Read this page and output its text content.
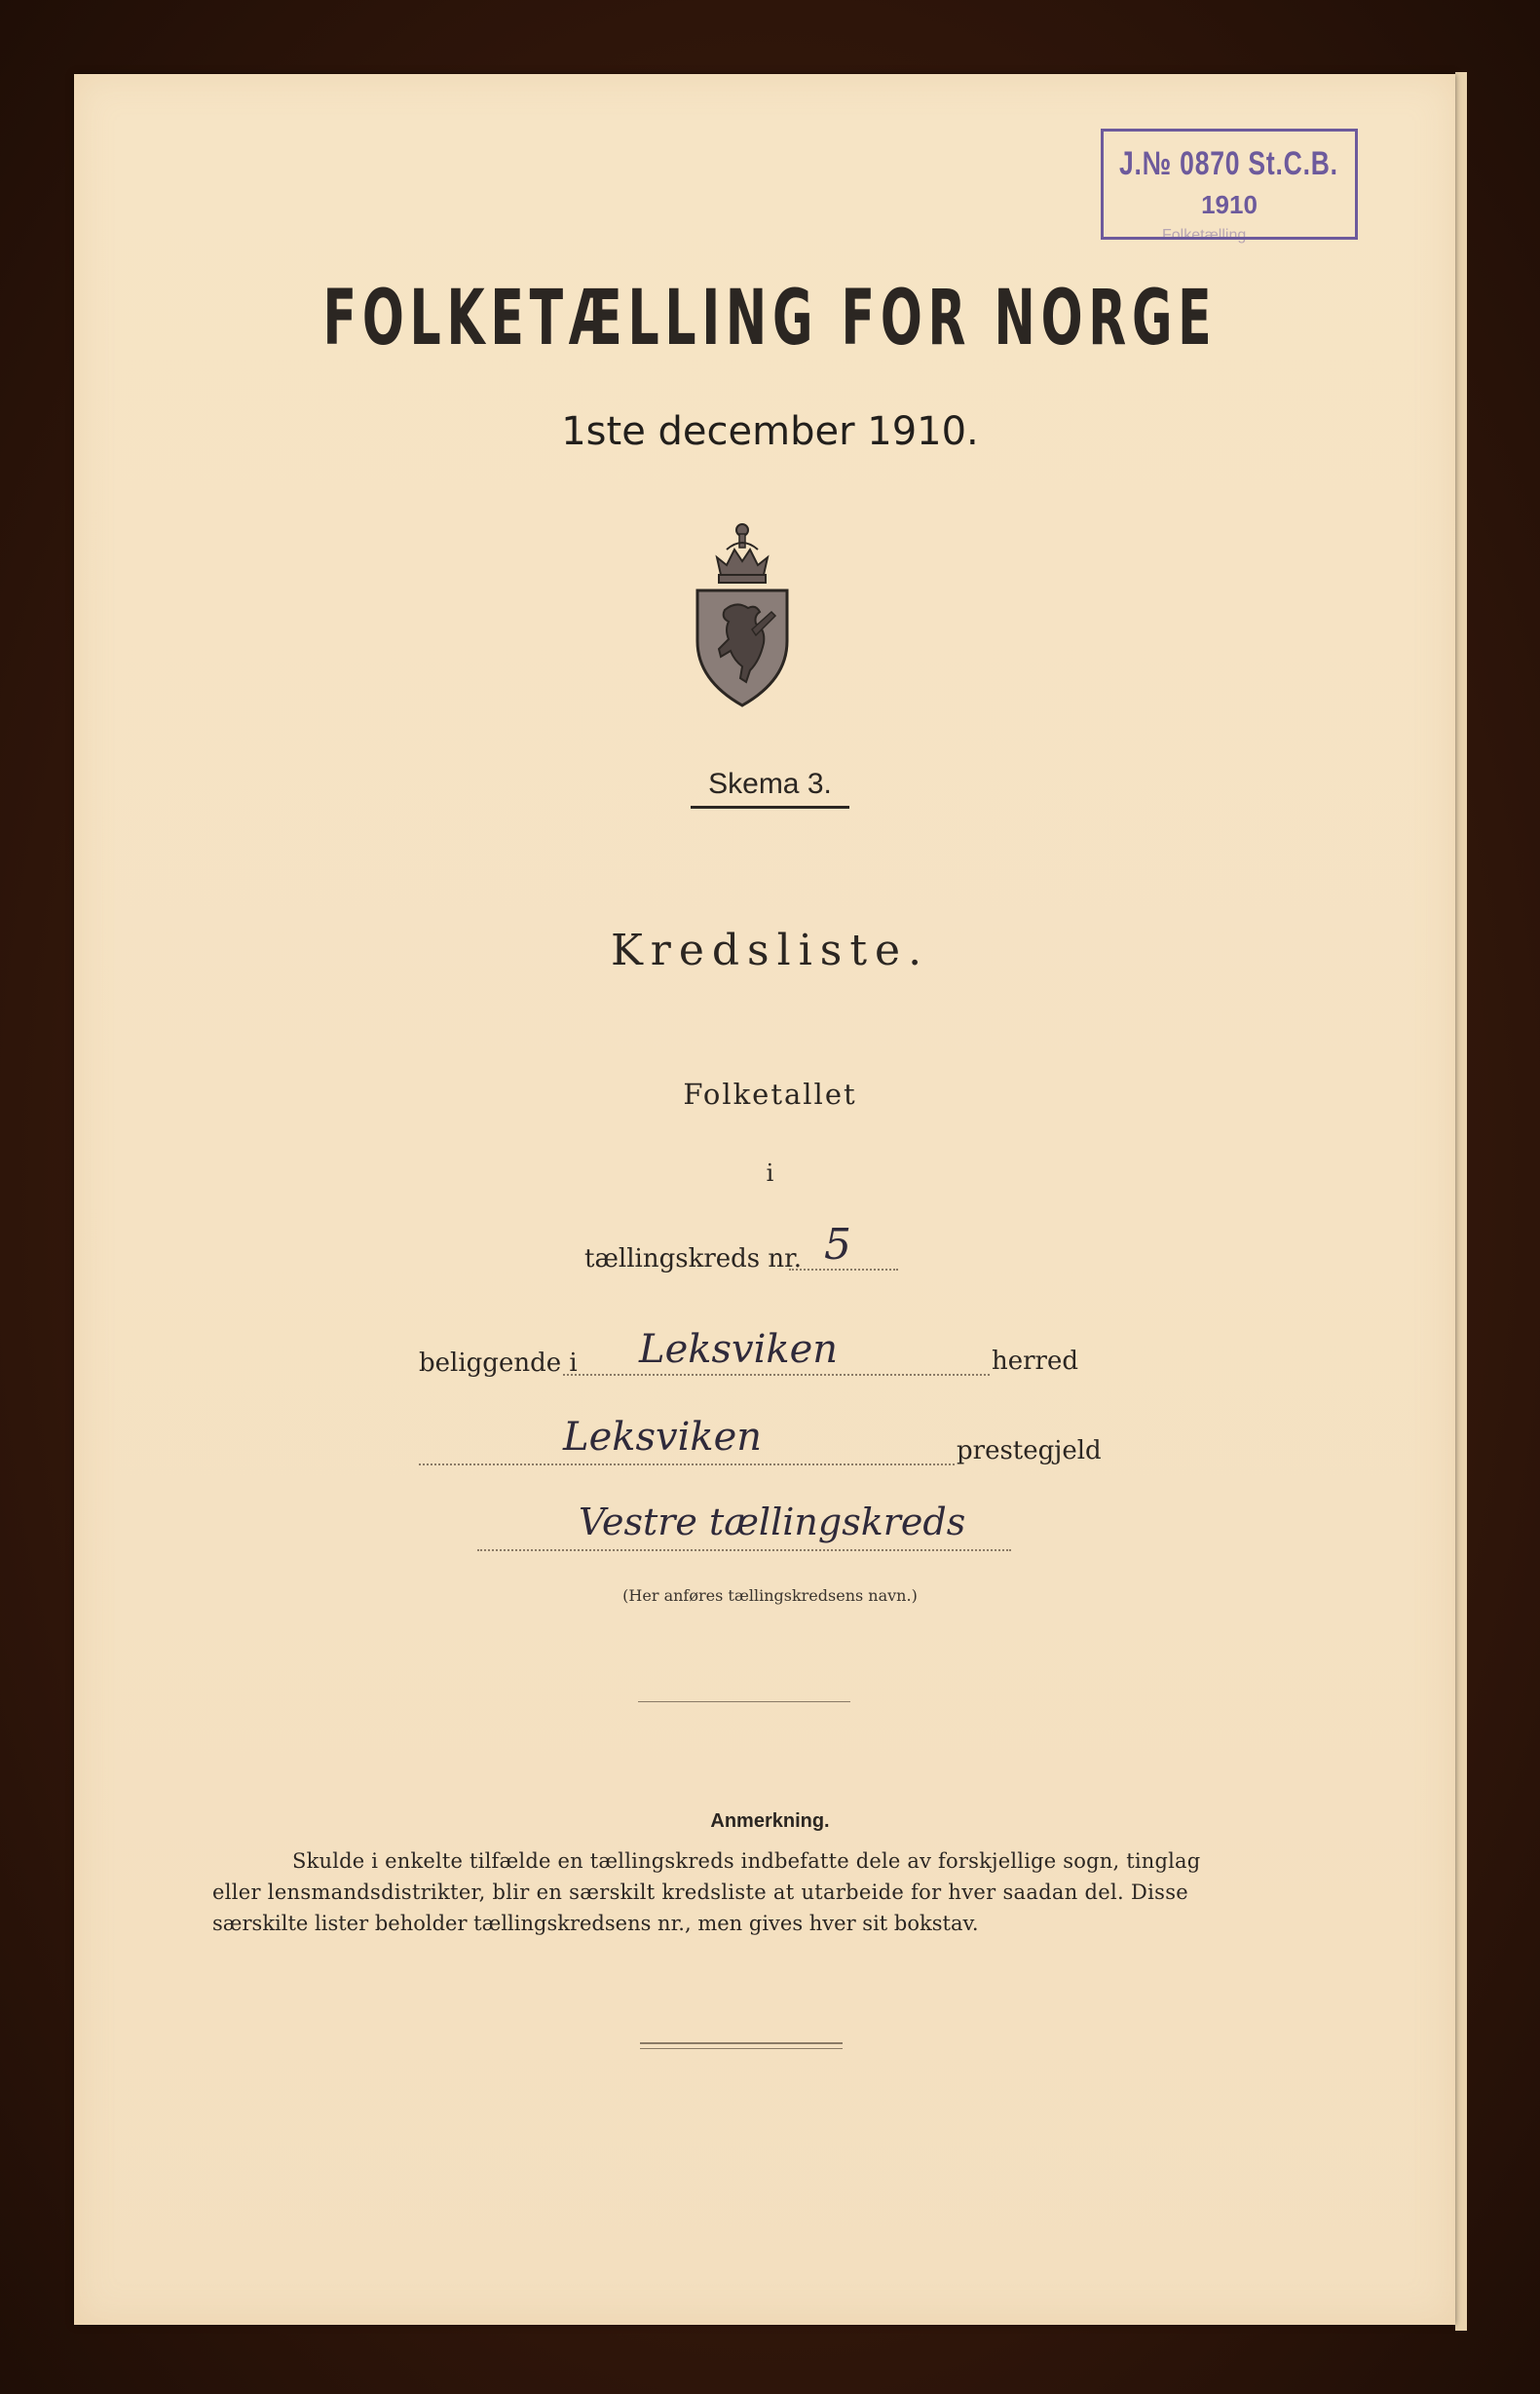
J.№ 0870 St.C.B.
1910
Folketælling
FOLKETÆLLING FOR NORGE
1ste december 1910.
Skema 3.
Kredsliste.
Folketallet
i
tællingskreds nr. 5
beliggende i Leksviken	herred
Leksviken	prestegjeld
Vestre tællingskreds
(Her anføres tællingskredsens navn.)
Anmerkning.
Skulde i enkelte tilfælde en tællingskreds indbefatte dele av forskjellige sogn, tinglag
eller lensmandsdistrikter, blir en særskilt kredsliste at utarbeide for hver saadan del. Disse
særskilte lister beholder tællingskredsens nr., men gives hver sit bokstav.
